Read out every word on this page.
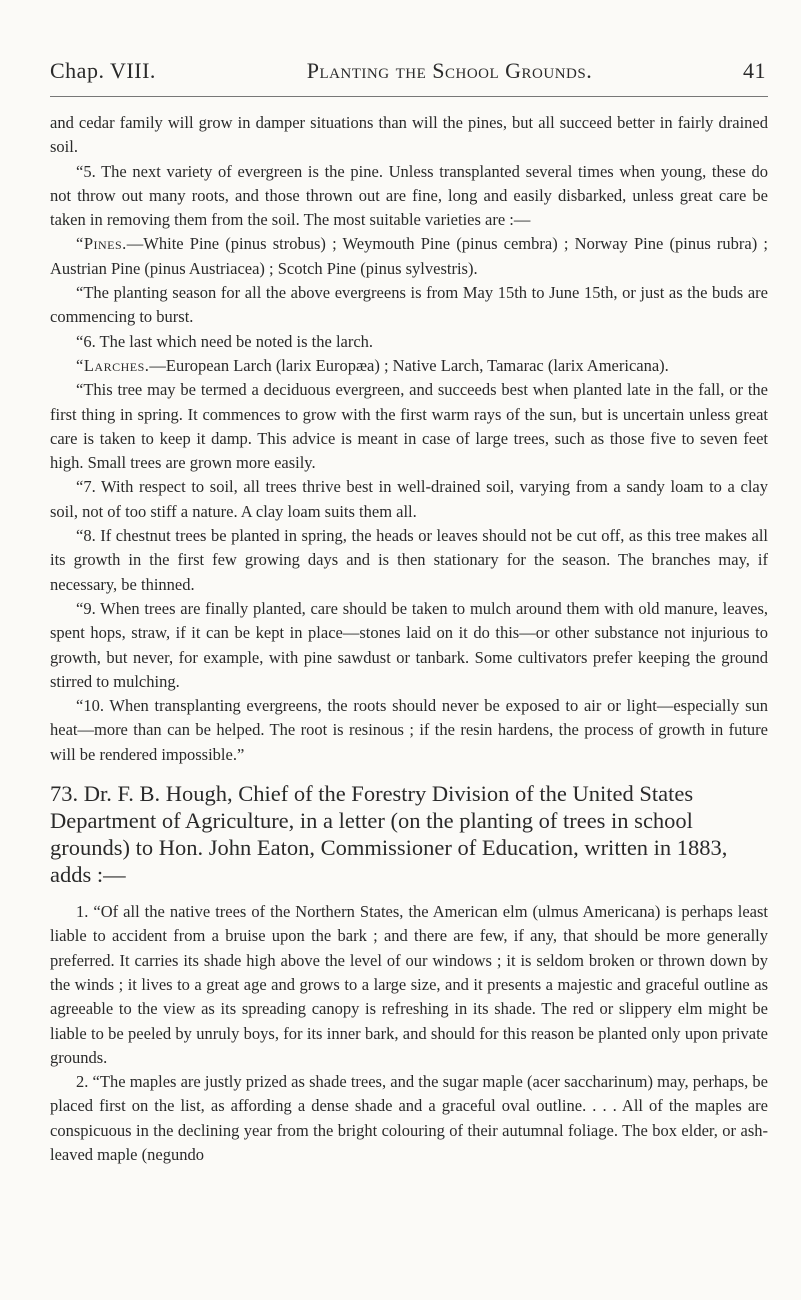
Chap. VIII.	Planting the School Grounds.	41

and cedar family will grow in damper situations than will the pines, but all succeed better in fairly drained soil.

“5. The next variety of evergreen is the pine. Unless transplanted several times when young, these do not throw out many roots, and those thrown out are fine, long and easily disbarked, unless great care be taken in removing them from the soil. The most suitable varieties are :—

“Pines.—White Pine (pinus strobus) ; Weymouth Pine (pinus cembra) ; Norway Pine (pinus rubra) ; Austrian Pine (pinus Austriacea) ; Scotch Pine (pinus sylvestris).

“The planting season for all the above evergreens is from May 15th to June 15th, or just as the buds are commencing to burst.

“6. The last which need be noted is the larch.

“Larches.—European Larch (larix Europæa) ; Native Larch, Tamarac (larix Americana).

“This tree may be termed a deciduous evergreen, and succeeds best when planted late in the fall, or the first thing in spring. It commences to grow with the first warm rays of the sun, but is uncertain unless great care is taken to keep it damp. This advice is meant in case of large trees, such as those five to seven feet high. Small trees are grown more easily.

“7. With respect to soil, all trees thrive best in well-drained soil, varying from a sandy loam to a clay soil, not of too stiff a nature. A clay loam suits them all.

“8. If chestnut trees be planted in spring, the heads or leaves should not be cut off, as this tree makes all its growth in the first few growing days and is then stationary for the season. The branches may, if necessary, be thinned.

“9. When trees are finally planted, care should be taken to mulch around them with old manure, leaves, spent hops, straw, if it can be kept in place—stones laid on it do this—or other substance not injurious to growth, but never, for example, with pine sawdust or tanbark. Some cultivators prefer keeping the ground stirred to mulching.

“10. When transplanting evergreens, the roots should never be exposed to air or light—especially sun heat—more than can be helped. The root is resinous ; if the resin hardens, the process of growth in future will be rendered impossible.”

73. Dr. F. B. Hough, Chief of the Forestry Division of the United States Department of Agriculture, in a letter (on the planting of trees in school grounds) to Hon. John Eaton, Commissioner of Education, written in 1883, adds :—

1. “Of all the native trees of the Northern States, the American elm (ulmus Americana) is perhaps least liable to accident from a bruise upon the bark ; and there are few, if any, that should be more generally preferred. It carries its shade high above the level of our windows ; it is seldom broken or thrown down by the winds ; it lives to a great age and grows to a large size, and it presents a majestic and graceful outline as agreeable to the view as its spreading canopy is refreshing in its shade. The red or slippery elm might be liable to be peeled by unruly boys, for its inner bark, and should for this reason be planted only upon private grounds.

2. “The maples are justly prized as shade trees, and the sugar maple (acer saccharinum) may, perhaps, be placed first on the list, as affording a dense shade and a graceful oval outline. . . . All of the maples are conspicuous in the declining year from the bright colouring of their autumnal foliage. The box elder, or ash-leaved maple (negundo
